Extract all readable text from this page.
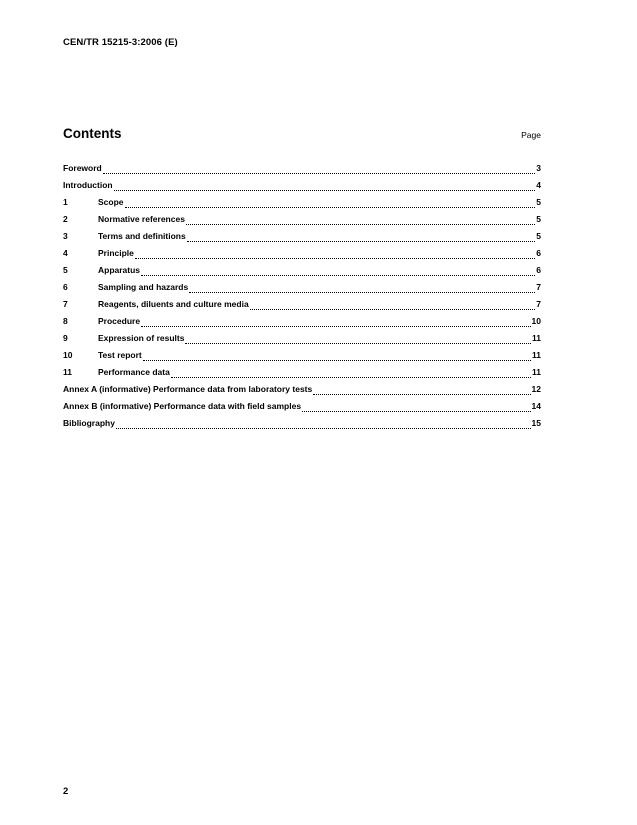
CEN/TR 15215-3:2006 (E)
Contents	Page
Foreword	3
Introduction	4
1	Scope	5
2	Normative references	5
3	Terms and definitions	5
4	Principle	6
5	Apparatus	6
6	Sampling and hazards	7
7	Reagents, diluents and culture media	7
8	Procedure	10
9	Expression of results	11
10	Test report	11
11	Performance data	11
Annex A (informative) Performance data from laboratory tests	12
Annex B (informative) Performance data with field samples	14
Bibliography	15
2
